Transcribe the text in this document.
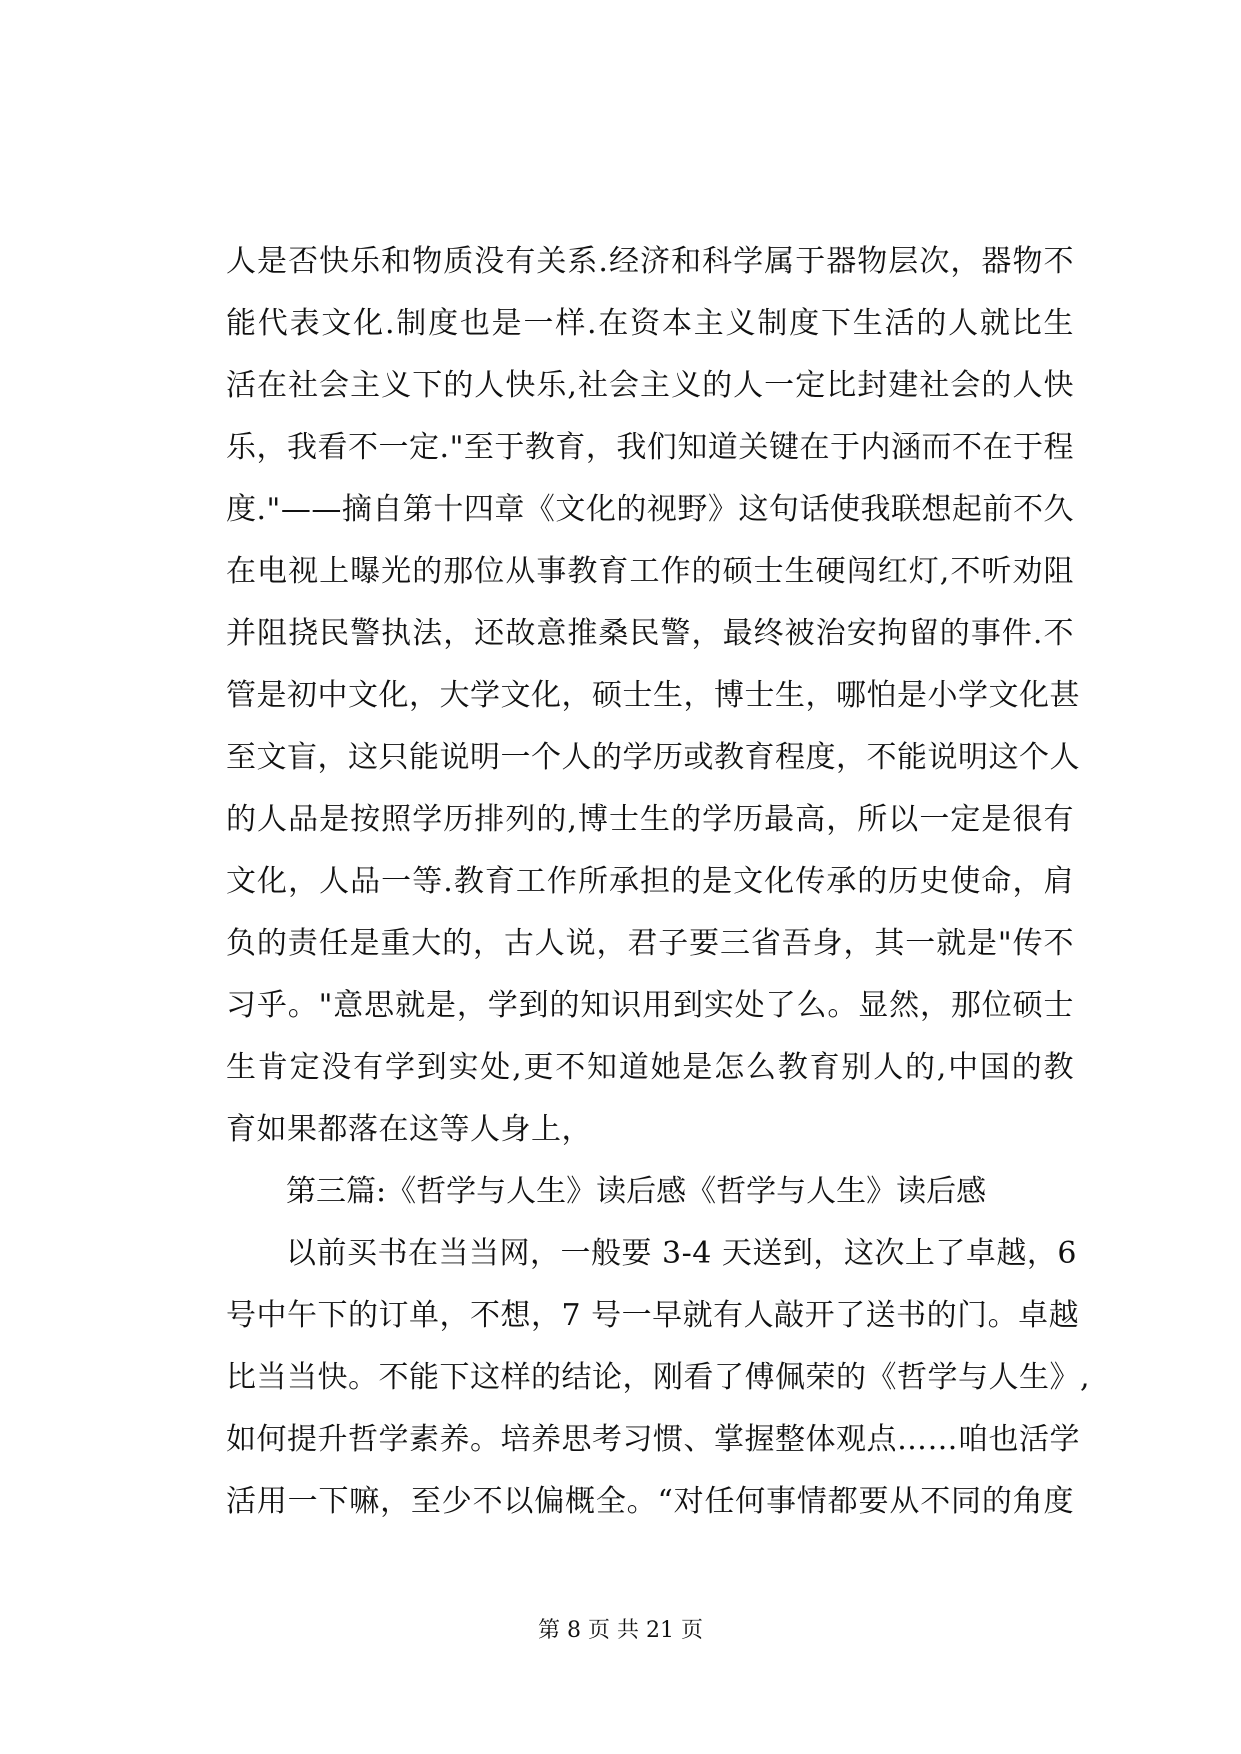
人是否快乐和物质没有关系.经济和科学属于器物层次，器物不
能代表文化.制度也是一样.在资本主义制度下生活的人就比生
活在社会主义下的人快乐,社会主义的人一定比封建社会的人快
乐，我看不一定."至于教育，我们知道关键在于内涵而不在于程
度."——摘自第十四章《文化的视野》这句话使我联想起前不久
在电视上曝光的那位从事教育工作的硕士生硬闯红灯,不听劝阻
并阻挠民警执法，还故意推桑民警，最终被治安拘留的事件.不
管是初中文化，大学文化，硕士生，博士生，哪怕是小学文化甚
至文盲，这只能说明一个人的学历或教育程度，不能说明这个人
的人品是按照学历排列的,博士生的学历最高，所以一定是很有
文化，人品一等.教育工作所承担的是文化传承的历史使命，肩
负的责任是重大的，古人说，君子要三省吾身，其一就是"传不
习乎。"意思就是，学到的知识用到实处了么。显然，那位硕士
生肯定没有学到实处,更不知道她是怎么教育别人的,中国的教
育如果都落在这等人身上，
第三篇:《哲学与人生》读后感《哲学与人生》读后感
以前买书在当当网，一般要 3-4 天送到，这次上了卓越，6
号中午下的订单，不想，7 号一早就有人敲开了送书的门。卓越
比当当快。不能下这样的结论，刚看了傅佩荣的《哲学与人生》,
如何提升哲学素养。培养思考习惯、掌握整体观点……咱也活学
活用一下嘛，至少不以偏概全。“对任何事情都要从不同的角度
第 8 页 共 21 页
